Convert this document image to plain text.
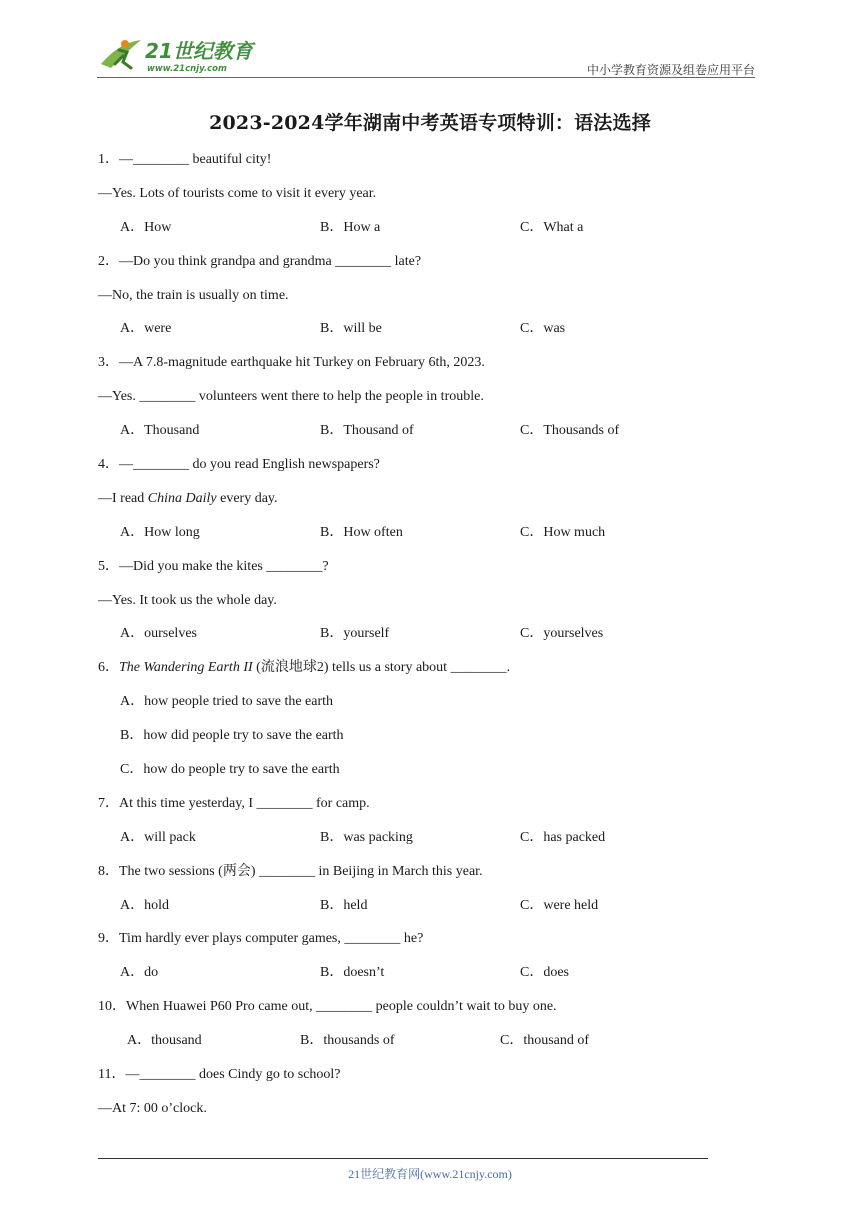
21世纪教育
www.21cnjy.com	中小学教育资源及组卷应用平台
2023-2024学年湖南中考英语专项特训：语法选择
1．—________ beautiful city!
—Yes. Lots of tourists come to visit it every year.
A．How	B．How a	C．What a
2．—Do you think grandpa and grandma ________ late?
—No, the train is usually on time.
A．were	B．will be	C．was
3．—A 7.8-magnitude earthquake hit Turkey on February 6th, 2023.
—Yes. ________ volunteers went there to help the people in trouble.
A．Thousand	B．Thousand of	C．Thousands of
4．—________ do you read English newspapers?
—I read China Daily every day.
A．How long	B．How often	C．How much
5．—Did you make the kites ________?
—Yes. It took us the whole day.
A．ourselves	B．yourself	C．yourselves
6．The Wandering Earth II (流浪地球2) tells us a story about ________.
A．how people tried to save the earth
B．how did people try to save the earth
C．how do people try to save the earth
7．At this time yesterday, I ________ for camp.
A．will pack	B．was packing	C．has packed
8．The two sessions (两会) ________ in Beijing in March this year.
A．hold	B．held	C．were held
9．Tim hardly ever plays computer games, ________ he?
A．do	B．doesn’t	C．does
10．When Huawei P60 Pro came out, ________ people couldn’t wait to buy one.
A．thousand	B．thousands of	C．thousand of
11．—________ does Cindy go to school?
—At 7: 00 o’clock.
21世纪教育网(www.21cnjy.com)
